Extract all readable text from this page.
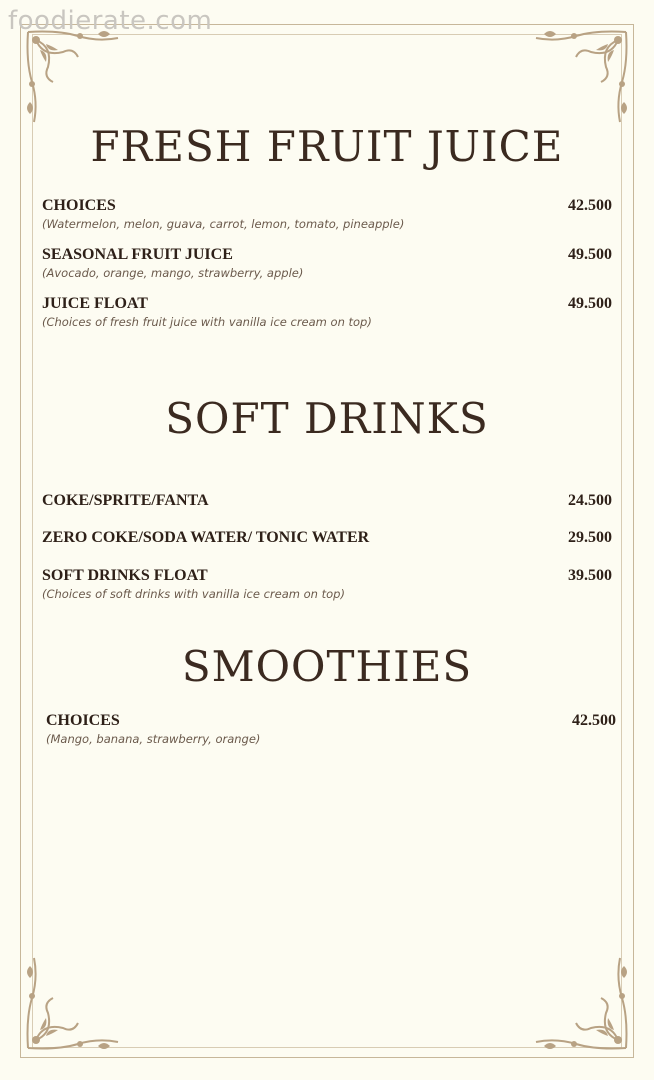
foodierate.com
FRESH FRUIT JUICE
CHOICES	42.500
(Watermelon, melon, guava, carrot, lemon, tomato, pineapple)
SEASONAL FRUIT JUICE	49.500
(Avocado, orange, mango, strawberry, apple)
JUICE FLOAT	49.500
(Choices of fresh fruit juice with vanilla ice cream on top)
SOFT DRINKS
COKE/SPRITE/FANTA	24.500
ZERO COKE/SODA WATER/ TONIC WATER	29.500
SOFT DRINKS FLOAT	39.500
(Choices of soft drinks with vanilla ice cream on top)
SMOOTHIES
CHOICES	42.500
(Mango, banana, strawberry, orange)
